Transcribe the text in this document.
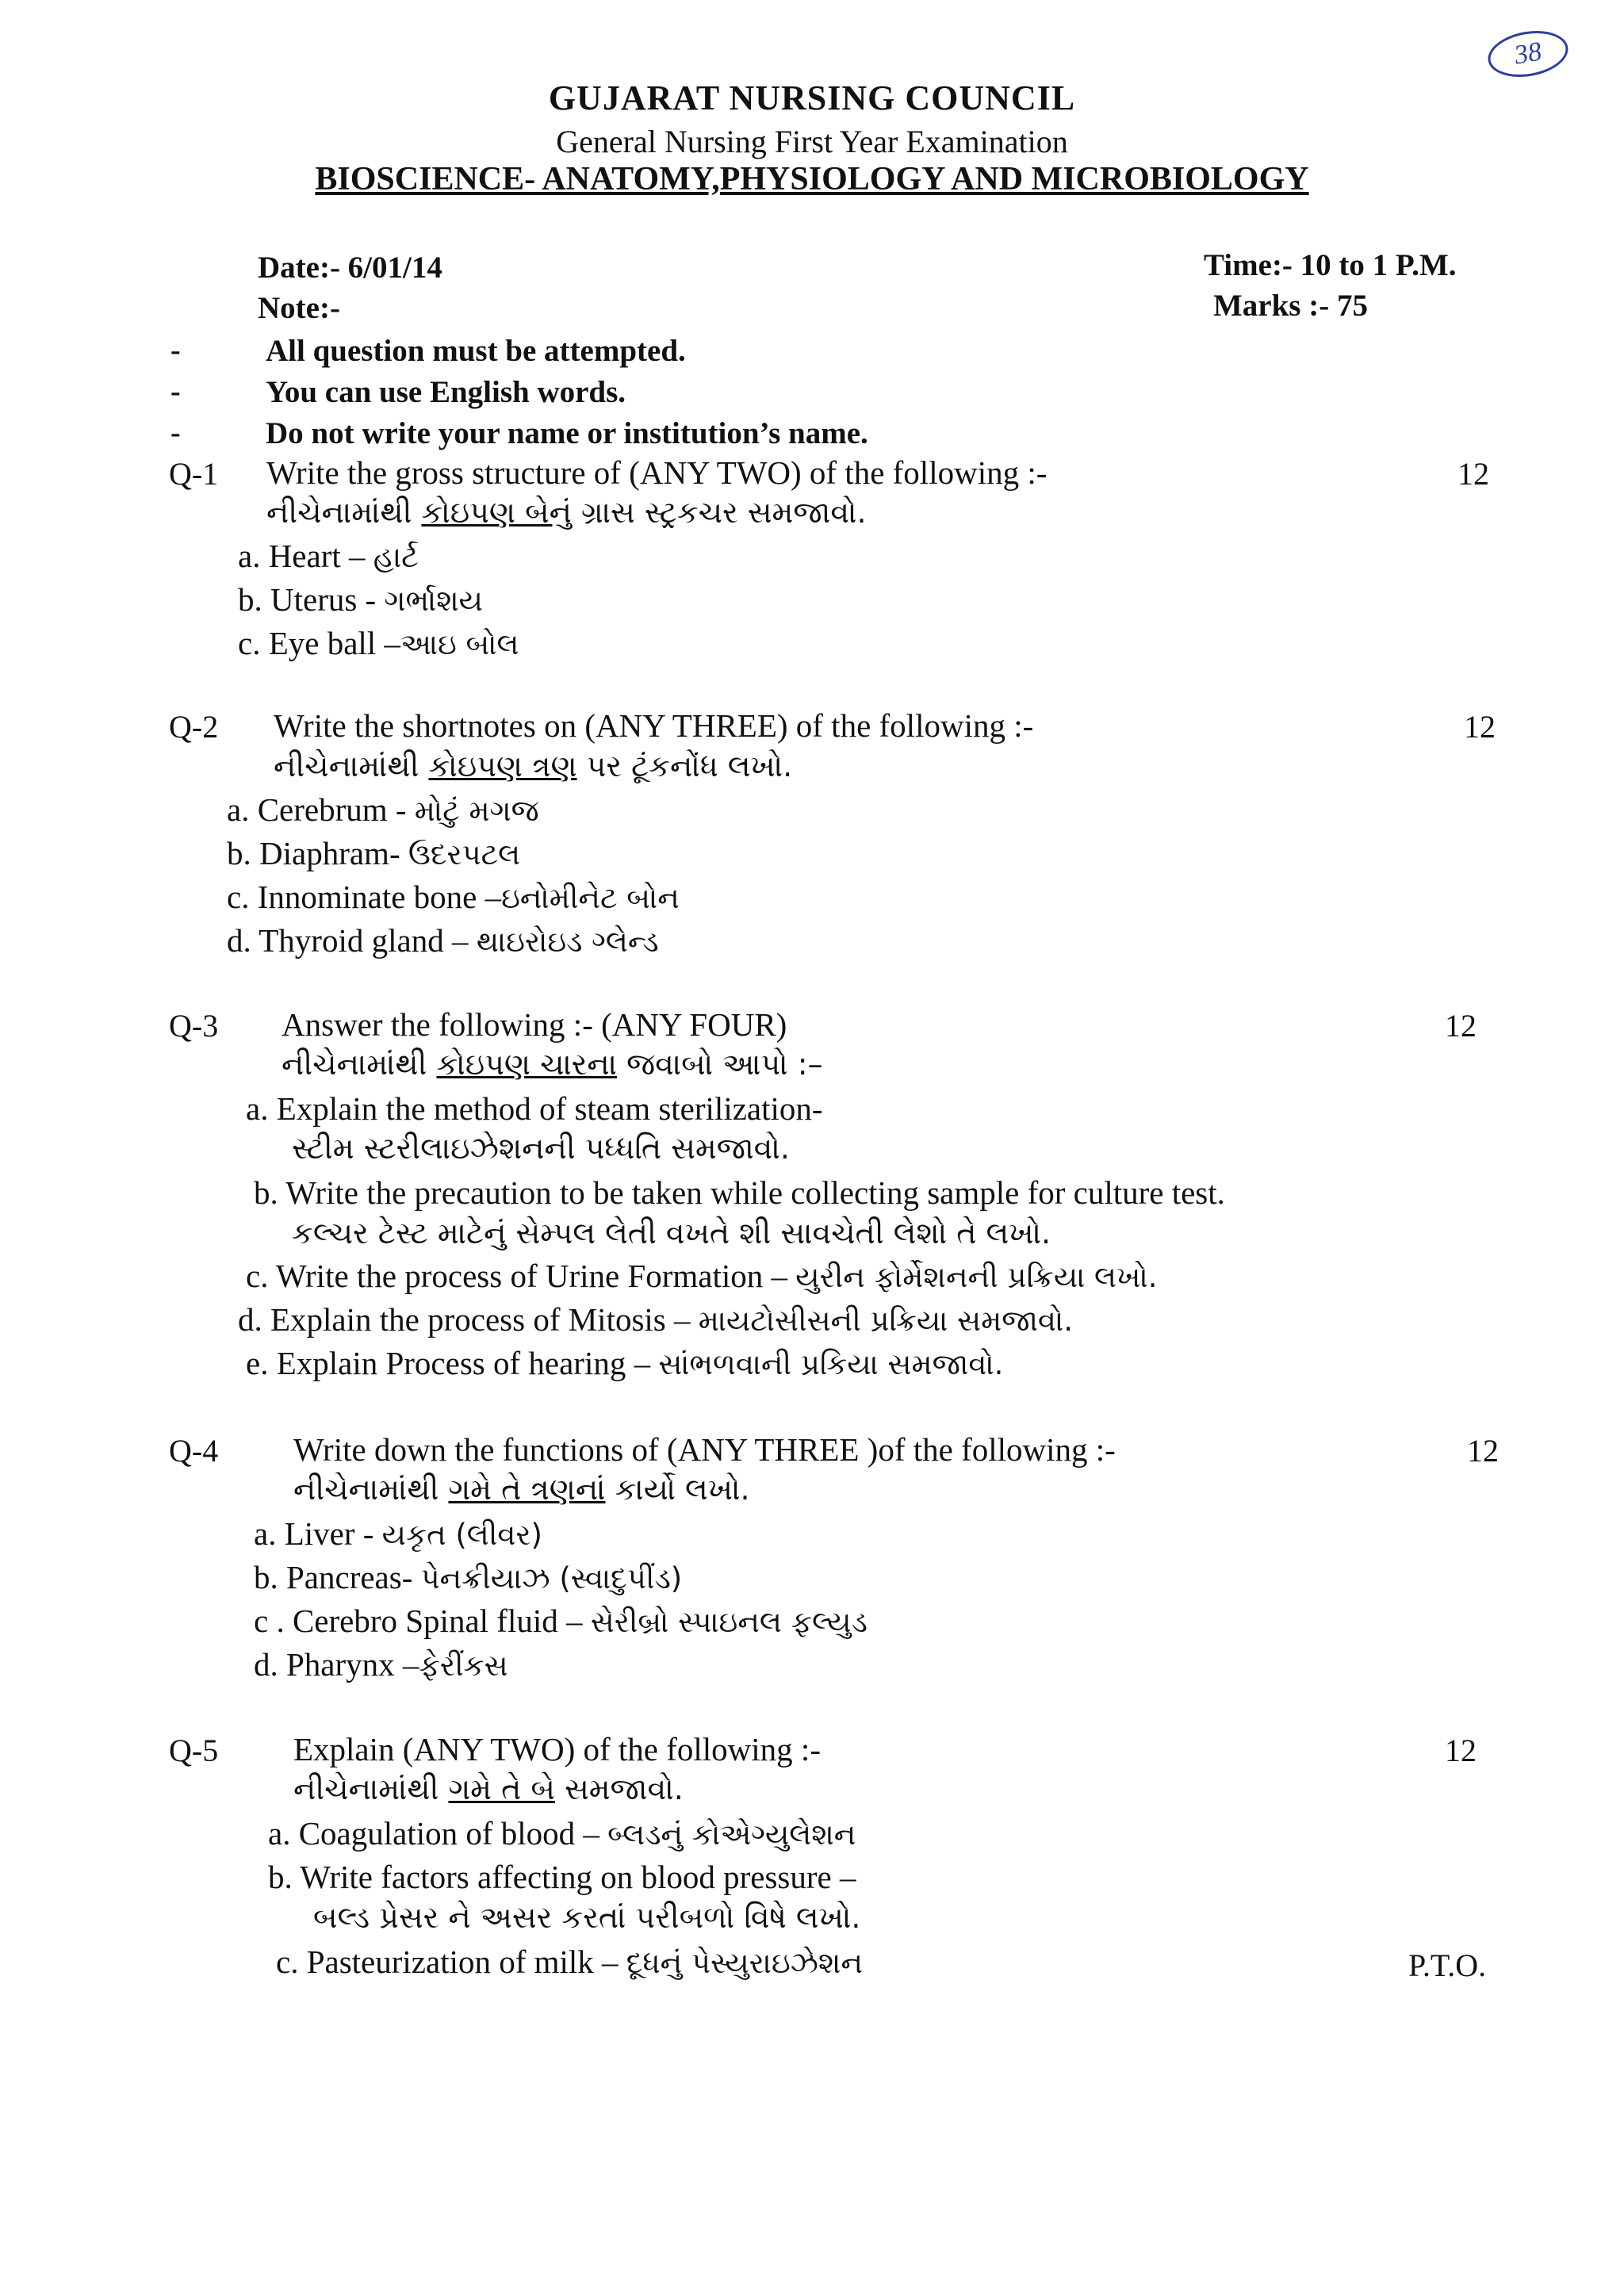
38
GUJARAT NURSING COUNCIL
General Nursing First Year Examination
BIOSCIENCE- ANATOMY,PHYSIOLOGY AND MICROBIOLOGY
Date:- 6/01/14
Note:-
Time:- 10 to 1 P.M.
Marks :- 75
-	All question must be attempted.
-	You can use English words.
-	Do not write your name or institution’s name.
Q-1 Write the gross structure of (ANY TWO) of the following :-	12
નીચેનામાંથી કોઇપણ બેનું ગ્રાસ સ્ટ્રકચર સમજાવો.
a. Heart – હાર્ટ
b. Uterus - ગર્ભાશય
c. Eye ball –આઇ બોલ
Q-2 Write the shortnotes on (ANY THREE) of the following :-	12
નીચેનામાંથી કોઇપણ ત્રણ પર ટૂંકનોંધ લખો.
a. Cerebrum - મોટું મગજ
b. Diaphram- ઉદરપટલ
c. Innominate bone –ઇનોમીનેટ બોન
d. Thyroid gland – થાઇરોઇડ ગ્લેન્ડ
Q-3 Answer the following :- (ANY FOUR)	12
નીચેનામાંથી કોઇપણ ચારના જવાબો આપો :–
a. Explain the method of steam sterilization-
સ્ટીમ સ્ટરીલાઇઝેશનની પધ્ધતિ સમજાવો.
b. Write the precaution to be taken while collecting sample for culture test.
કલ્ચર ટેસ્ટ માટેનું સેમ્પલ લેતી વખતે શી સાવચેતી લેશો તે લખો.
c. Write the process of Urine Formation – યુરીન ફોર્મેશનની પ્રક્રિયા લખો.
d. Explain the process of Mitosis – માયટોસીસની પ્રક્રિયા સમજાવો.
e. Explain Process of hearing – સાંભળવાની પ્રકિયા સમજાવો.
Q-4 Write down the functions of (ANY THREE )of the following :-	12
નીચેનામાંથી ગમે તે ત્રણનાં કાર્યો લખો.
a. Liver - યકૃત (લીવર)
b. Pancreas- પેનક્રીયાઝ (સ્વાદુપીંડ)
c . Cerebro Spinal fluid – સેરીબ્રો સ્પાઇનલ ફલ્યુડ
d. Pharynx –ફેરીંકસ
Q-5 Explain (ANY TWO) of the following :-	12
નીચેનામાંથી ગમે તે બે સમજાવો.
a. Coagulation of blood – બ્લડનું કોએગ્યુલેશન
b. Write factors affecting on blood pressure –
બલ્ડ પ્રેસર ને અસર કરતાં પરીબળો વિષે લખો.
c. Pasteurization of milk – દૂધનું પેસ્યુરાઇઝેશન	P.T.O.
